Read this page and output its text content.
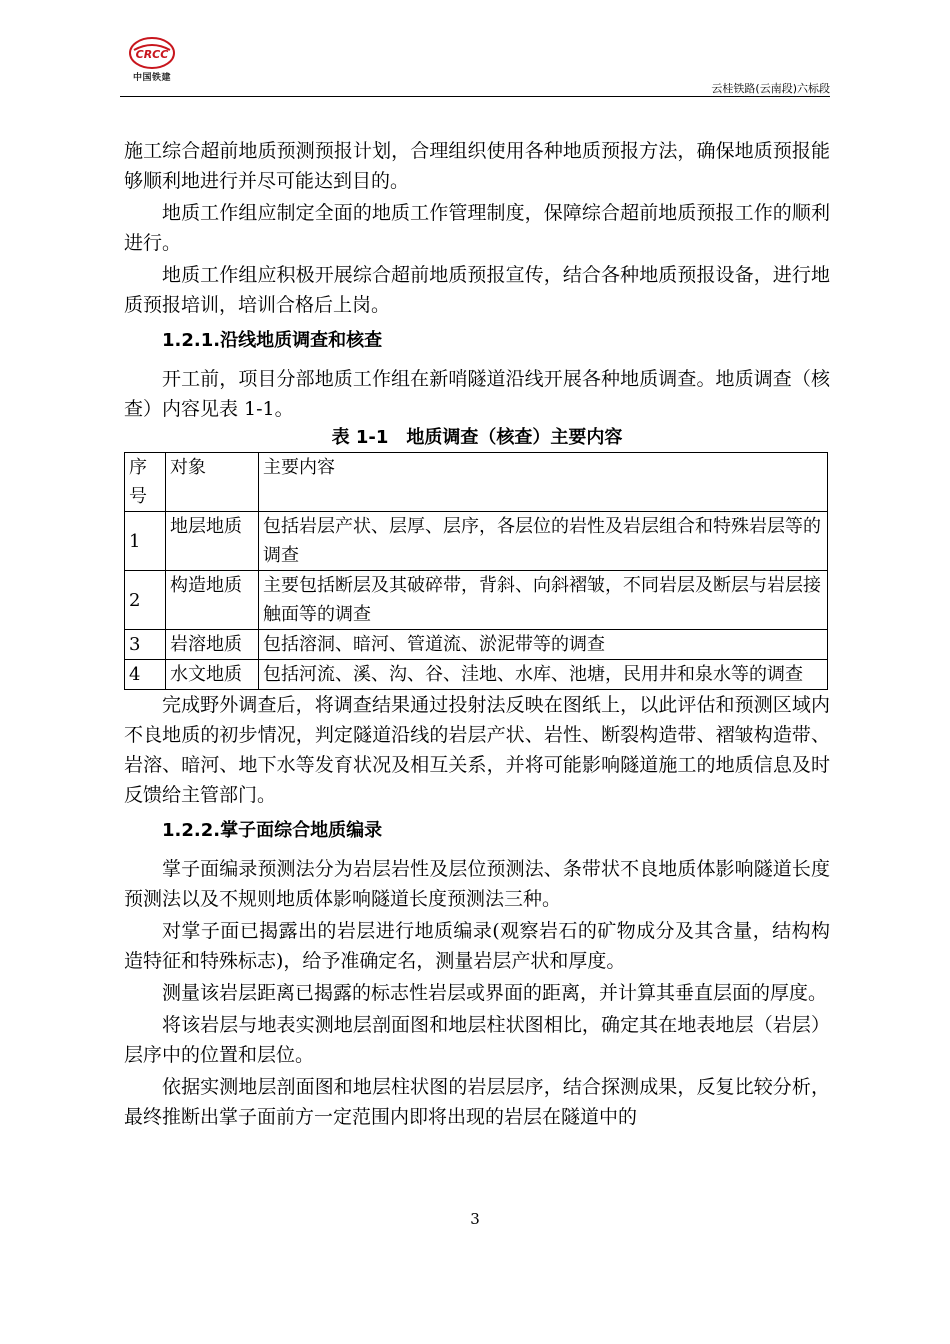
CRCC
中国铁建
云桂铁路(云南段)六标段

施工综合超前地质预测预报计划，合理组织使用各种地质预报方法，确保地质预报能够顺利地进行并尽可能达到目的。

地质工作组应制定全面的地质工作管理制度，保障综合超前地质预报工作的顺利进行。

地质工作组应积极开展综合超前地质预报宣传，结合各种地质预报设备，进行地质预报培训，培训合格后上岗。

1.2.1.沿线地质调查和核查

开工前，项目分部地质工作组在新哨隧道沿线开展各种地质调查。地质调查（核查）内容见表 1-1。

表 1-1　地质调查（核查）主要内容
序号	对象	主要内容
1	地层地质	包括岩层产状、层厚、层序，各层位的岩性及岩层组合和特殊岩层等的调查
2	构造地质	主要包括断层及其破碎带，背斜、向斜褶皱，不同岩层及断层与岩层接触面等的调查
3	岩溶地质	包括溶洞、暗河、管道流、淤泥带等的调查
4	水文地质	包括河流、溪、沟、谷、洼地、水库、池塘，民用井和泉水等的调查

完成野外调查后，将调查结果通过投射法反映在图纸上，以此评估和预测区域内不良地质的初步情况，判定隧道沿线的岩层产状、岩性、断裂构造带、褶皱构造带、岩溶、暗河、地下水等发育状况及相互关系，并将可能影响隧道施工的地质信息及时反馈给主管部门。

1.2.2.掌子面综合地质编录

掌子面编录预测法分为岩层岩性及层位预测法、条带状不良地质体影响隧道长度预测法以及不规则地质体影响隧道长度预测法三种。

对掌子面已揭露出的岩层进行地质编录(观察岩石的矿物成分及其含量，结构构造特征和特殊标志)，给予准确定名，测量岩层产状和厚度。

测量该岩层距离已揭露的标志性岩层或界面的距离，并计算其垂直层面的厚度。

将该岩层与地表实测地层剖面图和地层柱状图相比，确定其在地表地层（岩层）层序中的位置和层位。

依据实测地层剖面图和地层柱状图的岩层层序，结合探测成果，反复比较分析，最终推断出掌子面前方一定范围内即将出现的岩层在隧道中的

3
